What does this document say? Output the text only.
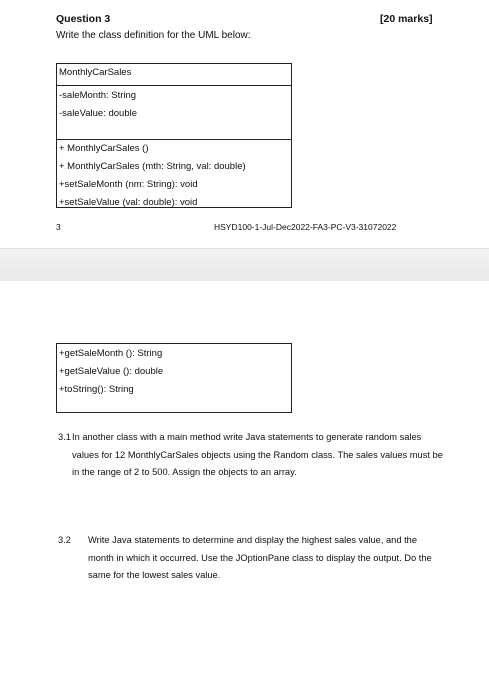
Question 3	[20 marks]
Write the class definition for the UML below:
MonthlyCarSales
-saleMonth: String
-saleValue: double
+ MonthlyCarSales ()
+ MonthlyCarSales (mth: String, val: double)
+setSaleMonth (nm: String): void
+setSaleValue (val: double): void
3	HSYD100-1-Jul-Dec2022-FA3-PC-V3-31072022
+getSaleMonth (): String
+getSaleValue (): double
+toString(): String
3.1 In another class with a main method write Java statements to generate random sales values for 12 MonthlyCarSales objects using the Random class. The sales values must be in the range of 2 to 500. Assign the objects to an array.
3.2 Write Java statements to determine and display the highest sales value, and the month in which it occurred. Use the JOptionPane class to display the output. Do the same for the lowest sales value.
